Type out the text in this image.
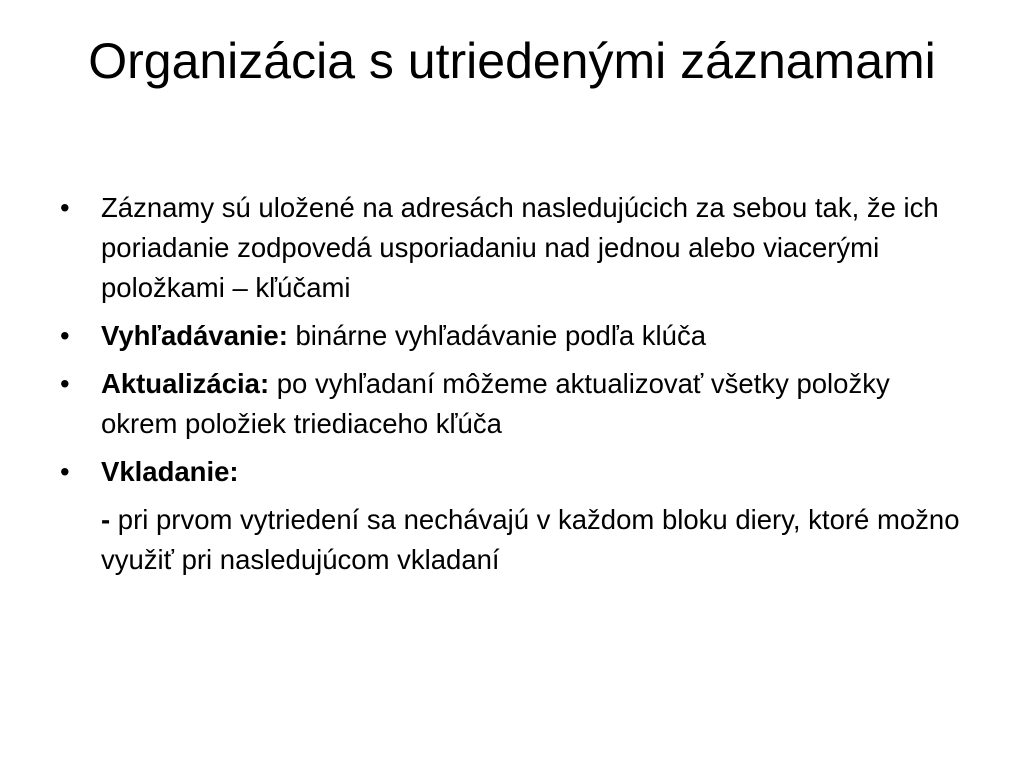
Organizácia s utriedenými záznamami
• Záznamy sú uložené na adresách nasledujúcich za sebou tak, že ich poriadanie zodpovedá usporiadaniu nad jednou alebo viacerými položkami – kľúčami
• Vyhľadávanie: binárne vyhľadávanie podľa klúča
• Aktualizácia: po vyhľadaní môžeme aktualizovať všetky položky okrem položiek triediaceho kľúča
• Vkladanie:
- pri prvom vytriedení sa nechávajú v každom bloku diery, ktoré možno využiť pri nasledujúcom vkladaní
